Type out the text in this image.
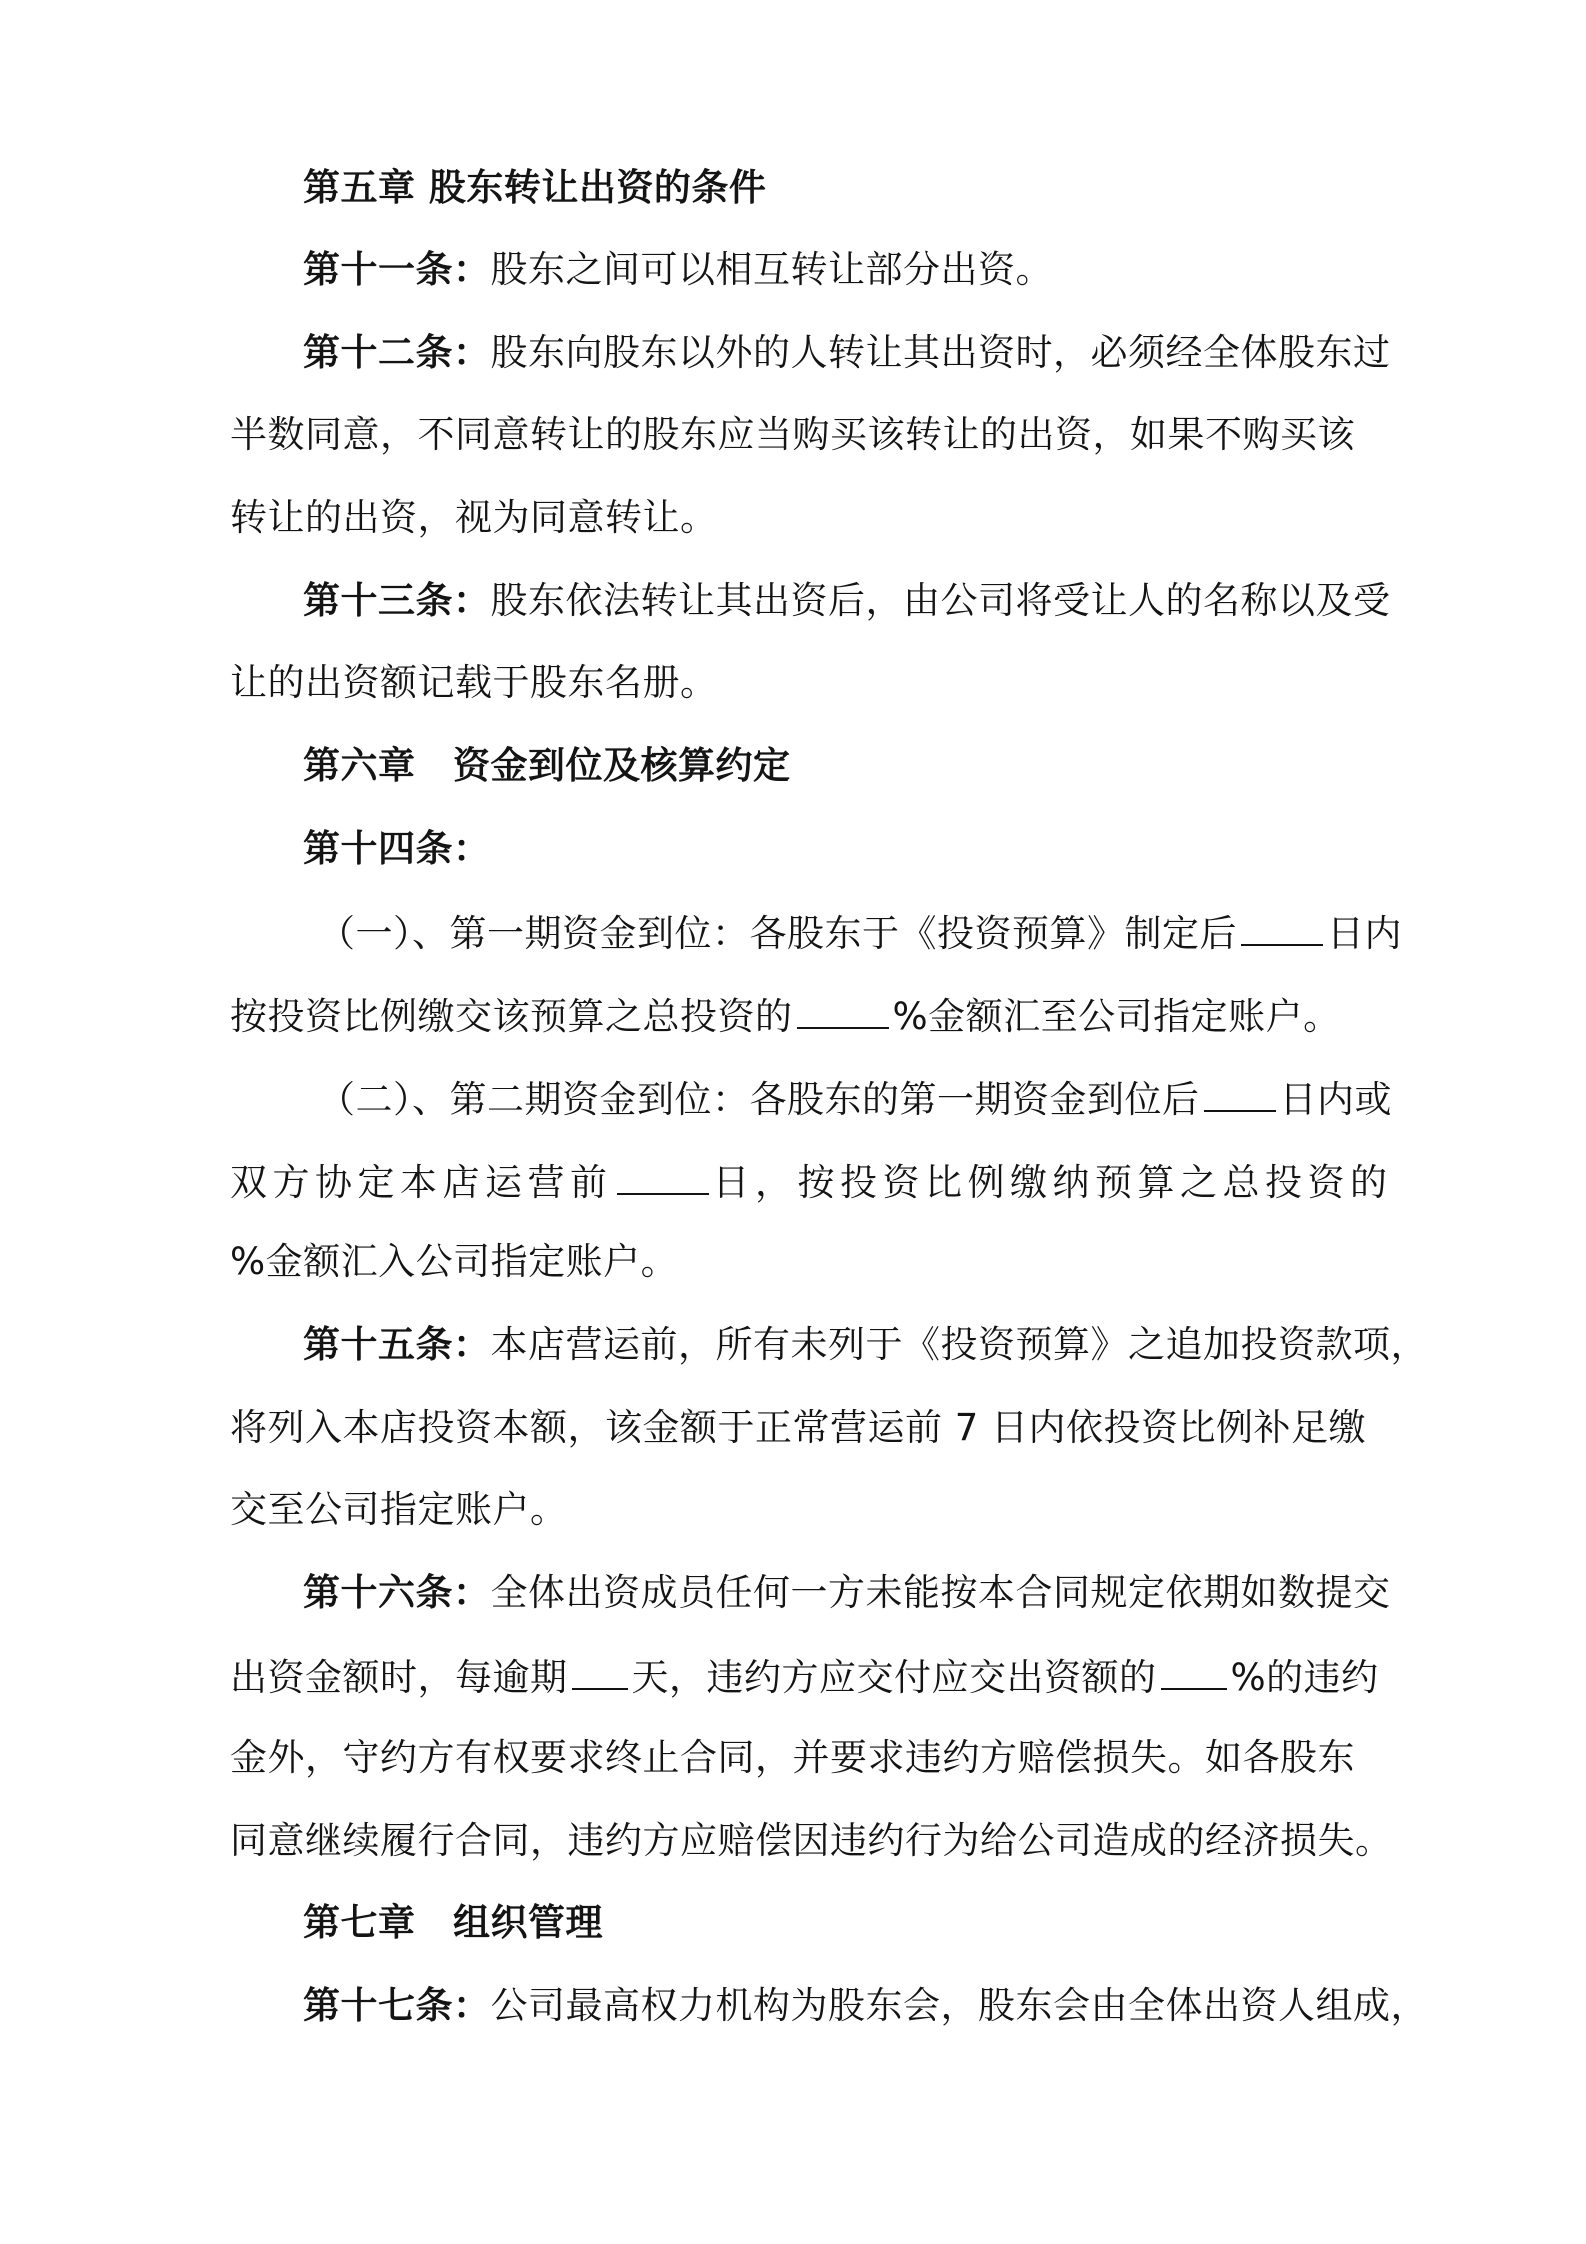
第五章 股东转让出资的条件
第十一条：股东之间可以相互转让部分出资。
第十二条：股东向股东以外的人转让其出资时，必须经全体股东过
半数同意，不同意转让的股东应当购买该转让的出资，如果不购买该
转让的出资，视为同意转让。
第十三条：股东依法转让其出资后，由公司将受让人的名称以及受
让的出资额记载于股东名册。
第六章　资金到位及核算约定
第十四条：
（一）、第一期资金到位：各股东于《投资预算》制定后 日内
按投资比例缴交该预算之总投资的	%金额汇至公司指定账户。
（二）、第二期资金到位：各股东的第一期资金到位后 日内或
双方协定本店运营前	日，按投资比例缴纳预算之总投资的
%金额汇入公司指定账户。
第十五条：本店营运前，所有未列于《投资预算》之追加投资款项，
将列入本店投资本额，该金额于正常营运前 7 日内依投资比例补足缴
交至公司指定账户。
第十六条：全体出资成员任何一方未能按本合同规定依期如数提交
出资金额时，每逾期 天，违约方应交付应交出资额的 %的违约
金外，守约方有权要求终止合同，并要求违约方赔偿损失。如各股东
同意继续履行合同，违约方应赔偿因违约行为给公司造成的经济损失。
第七章　组织管理
第十七条：公司最高权力机构为股东会，股东会由全体出资人组成，
